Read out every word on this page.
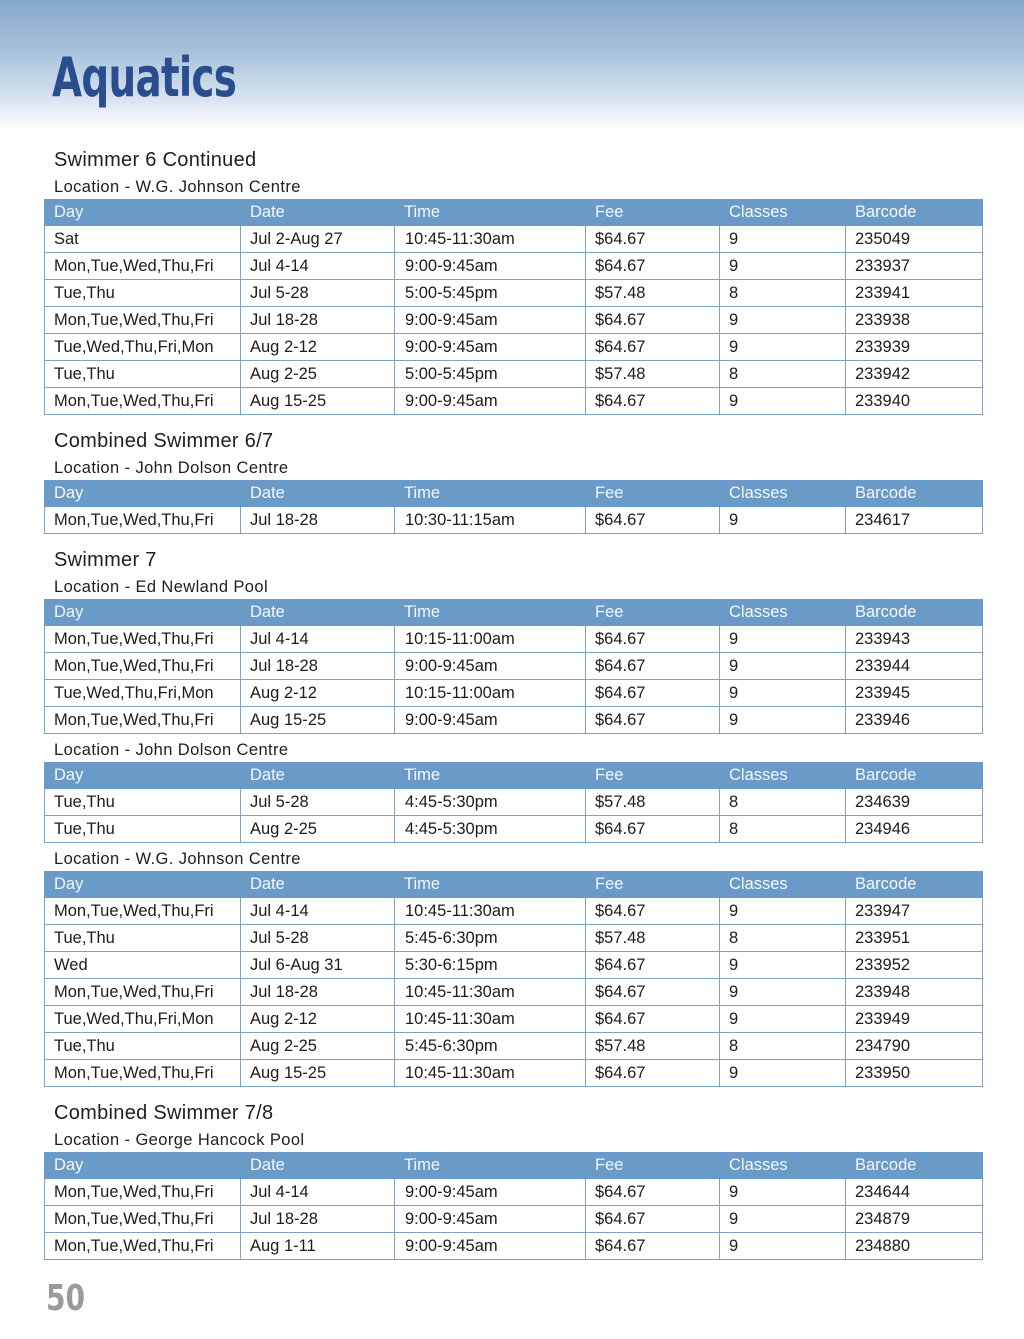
Aquatics
Swimmer 6 Continued
Location - W.G. Johnson Centre
Day	Date	Time	Fee	Classes	Barcode
Sat	Jul 2-Aug 27	10:45-11:30am	$64.67	9	235049
Mon,Tue,Wed,Thu,Fri	Jul 4-14	9:00-9:45am	$64.67	9	233937
Tue,Thu	Jul 5-28	5:00-5:45pm	$57.48	8	233941
Mon,Tue,Wed,Thu,Fri	Jul 18-28	9:00-9:45am	$64.67	9	233938
Tue,Wed,Thu,Fri,Mon	Aug 2-12	9:00-9:45am	$64.67	9	233939
Tue,Thu	Aug 2-25	5:00-5:45pm	$57.48	8	233942
Mon,Tue,Wed,Thu,Fri	Aug 15-25	9:00-9:45am	$64.67	9	233940
Combined Swimmer 6/7
Location - John Dolson Centre
Day	Date	Time	Fee	Classes	Barcode
Mon,Tue,Wed,Thu,Fri	Jul 18-28	10:30-11:15am	$64.67	9	234617
Swimmer 7
Location - Ed Newland Pool
Day	Date	Time	Fee	Classes	Barcode
Mon,Tue,Wed,Thu,Fri	Jul 4-14	10:15-11:00am	$64.67	9	233943
Mon,Tue,Wed,Thu,Fri	Jul 18-28	9:00-9:45am	$64.67	9	233944
Tue,Wed,Thu,Fri,Mon	Aug 2-12	10:15-11:00am	$64.67	9	233945
Mon,Tue,Wed,Thu,Fri	Aug 15-25	9:00-9:45am	$64.67	9	233946
Location - John Dolson Centre
Day	Date	Time	Fee	Classes	Barcode
Tue,Thu	Jul 5-28	4:45-5:30pm	$57.48	8	234639
Tue,Thu	Aug 2-25	4:45-5:30pm	$64.67	8	234946
Location - W.G. Johnson Centre
Day	Date	Time	Fee	Classes	Barcode
Mon,Tue,Wed,Thu,Fri	Jul 4-14	10:45-11:30am	$64.67	9	233947
Tue,Thu	Jul 5-28	5:45-6:30pm	$57.48	8	233951
Wed	Jul 6-Aug 31	5:30-6:15pm	$64.67	9	233952
Mon,Tue,Wed,Thu,Fri	Jul 18-28	10:45-11:30am	$64.67	9	233948
Tue,Wed,Thu,Fri,Mon	Aug 2-12	10:45-11:30am	$64.67	9	233949
Tue,Thu	Aug 2-25	5:45-6:30pm	$57.48	8	234790
Mon,Tue,Wed,Thu,Fri	Aug 15-25	10:45-11:30am	$64.67	9	233950
Combined Swimmer 7/8
Location - George Hancock Pool
Day	Date	Time	Fee	Classes	Barcode
Mon,Tue,Wed,Thu,Fri	Jul 4-14	9:00-9:45am	$64.67	9	234644
Mon,Tue,Wed,Thu,Fri	Jul 18-28	9:00-9:45am	$64.67	9	234879
Mon,Tue,Wed,Thu,Fri	Aug 1-11	9:00-9:45am	$64.67	9	234880
50
